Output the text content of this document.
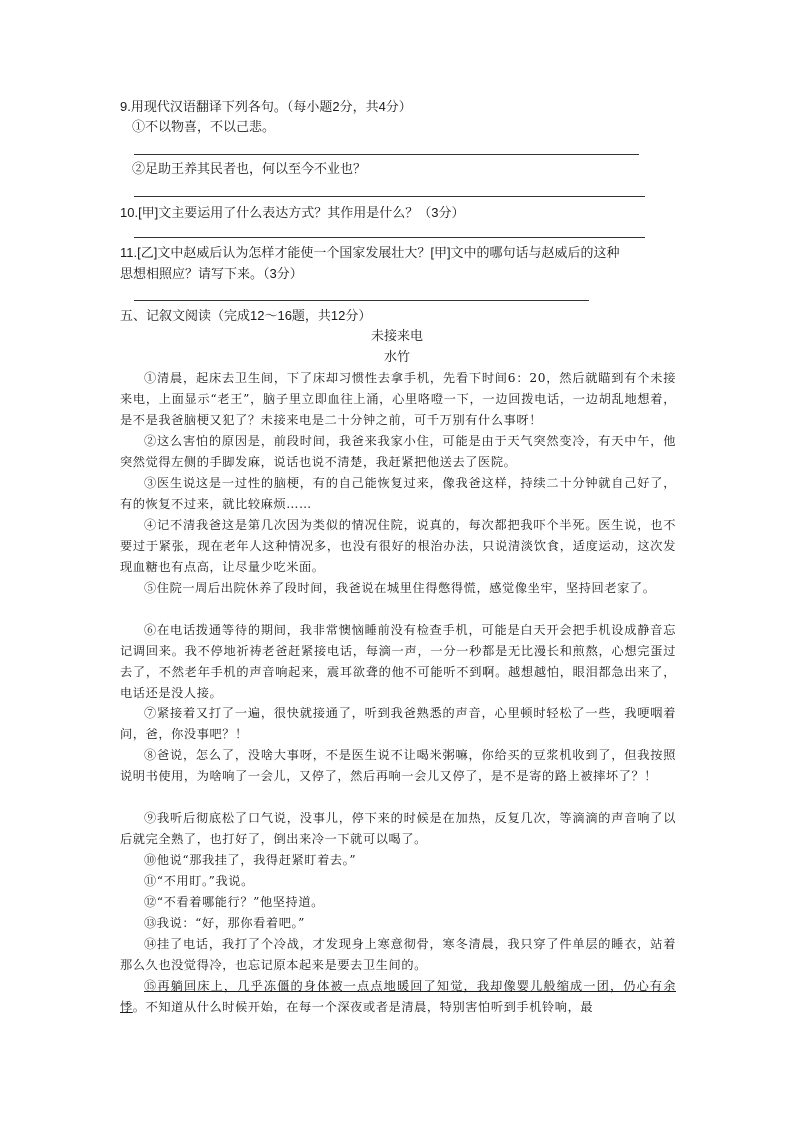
9.用现代汉语翻译下列各句。（每小题2分，共4分）
①不以物喜，不以己悲。
②足助王养其民者也，何以至今不业也？
10.[甲]文主要运用了什么表达方式？其作用是什么？（3分）
11.[乙]文中赵威后认为怎样才能使一个国家发展壮大？[甲]文中的哪句话与赵威后的这种
思想相照应？请写下来。（3分）
五、记叙文阅读（完成12～16题，共12分）
未接来电
水竹
①清晨，起床去卫生间，下了床却习惯性去拿手机，先看下时间6：20，然后就瞄到有个未接来电，上面显示“老王”，脑子里立即血往上涌，心里咯噔一下，一边回拨电话，一边胡乱地想着，是不是我爸脑梗又犯了？未接来电是二十分钟之前，可千万别有什么事呀！
②这么害怕的原因是，前段时间，我爸来我家小住，可能是由于天气突然变冷，有天中午，他突然觉得左侧的手脚发麻，说话也说不清楚，我赶紧把他送去了医院。
③医生说这是一过性的脑梗，有的自己能恢复过来，像我爸这样，持续二十分钟就自己好了，有的恢复不过来，就比较麻烦……
④记不清我爸这是第几次因为类似的情况住院，说真的，每次都把我吓个半死。医生说，也不要过于紧张，现在老年人这种情况多，也没有很好的根治办法，只说清淡饮食，适度运动，这次发现血糖也有点高，让尽量少吃米面。
⑤住院一周后出院休养了段时间，我爸说在城里住得憋得慌，感觉像坐牢，坚持回老家了。
⑥在电话拨通等待的期间，我非常懊恼睡前没有检查手机，可能是白天开会把手机设成静音忘记调回来。我不停地祈祷老爸赶紧接电话，每滴一声，一分一秒都是无比漫长和煎熬，心想完蛋过去了，不然老年手机的声音响起来，震耳欲聋的他不可能听不到啊。越想越怕，眼泪都急出来了，电话还是没人接。
⑦紧接着又打了一遍，很快就接通了，听到我爸熟悉的声音，心里顿时轻松了一些，我哽咽着问，爸，你没事吧？！
⑧爸说，怎么了，没啥大事呀，不是医生说不让喝米粥嘛，你给买的豆浆机收到了，但我按照说明书使用，为啥响了一会儿，又停了，然后再响一会儿又停了，是不是寄的路上被摔坏了？！
⑨我听后彻底松了口气说，没事儿，停下来的时候是在加热，反复几次，等滴滴的声音响了以后就完全熟了，也打好了，倒出来冷一下就可以喝了。
⑩他说“那我挂了，我得赶紧盯着去。”
⑪“不用盯。”我说。
⑫“不看着哪能行？”他坚持道。
⑬我说：“好，那你看着吧。”
⑭挂了电话，我打了个冷战，才发现身上寒意彻骨，寒冬清晨，我只穿了件单层的睡衣，站着那么久也没觉得冷，也忘记原本起来是要去卫生间的。
⑮再躺回床上，几乎冻僵的身体被一点点地暖回了知觉，我却像婴儿般缩成一团，仍心有余悸。不知道从什么时候开始，在每一个深夜或者是清晨，特别害怕听到手机铃响，最
